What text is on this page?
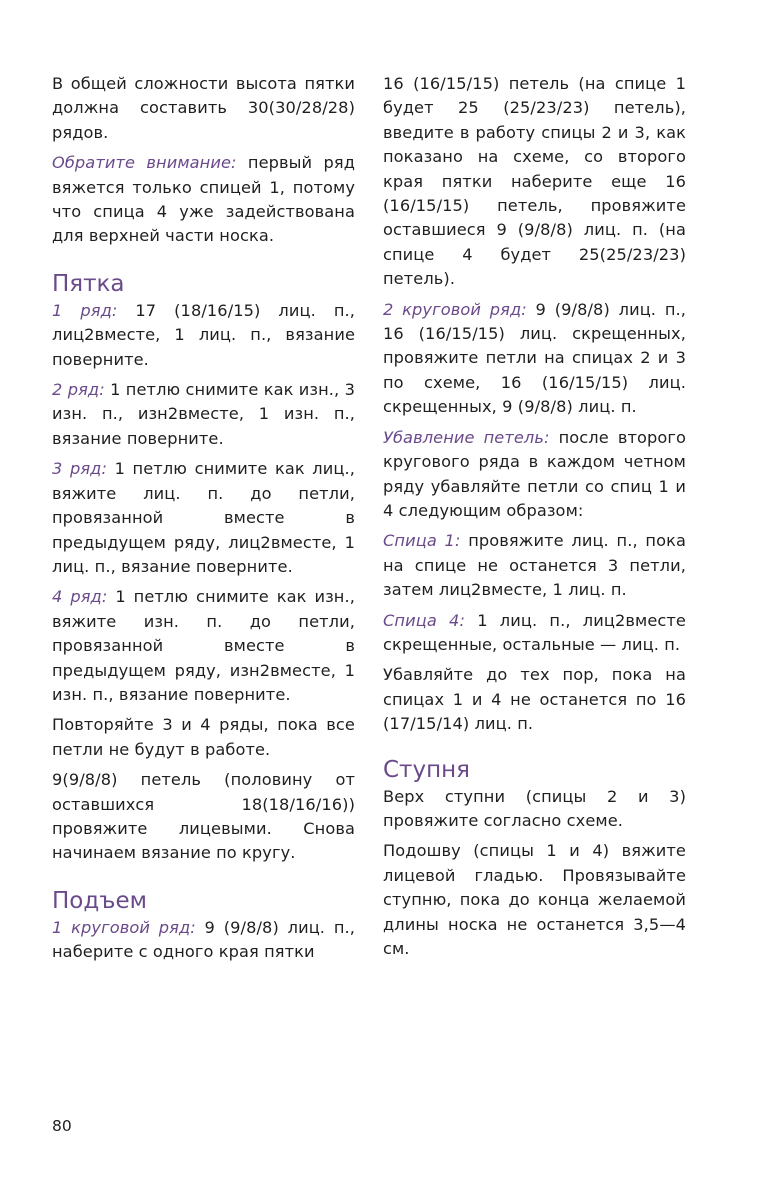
В общей сложности высота пятки должна составить 30(30/28/28) рядов.

Обратите внимание: первый ряд вяжется только спицей 1, потому что спица 4 уже задействована для верхней части носка.

Пятка

1 ряд: 17 (18/16/15) лиц. п., лиц2вместе, 1 лиц. п., вязание поверните.

2 ряд: 1 петлю снимите как изн., 3 изн. п., изн2вместе, 1 изн. п., вязание поверните.

3 ряд: 1 петлю снимите как лиц., вяжите лиц. п. до петли, провязанной вместе в предыдущем ряду, лиц2вместе, 1 лиц. п., вязание поверните.

4 ряд: 1 петлю снимите как изн., вяжите изн. п. до петли, провязанной вместе в предыдущем ряду, изн2вместе, 1 изн. п., вязание поверните.

Повторяйте 3 и 4 ряды, пока все петли не будут в работе.

9(9/8/8) петель (половину от оставшихся 18(18/16/16)) провяжите лицевыми. Снова начинаем вязание по кругу.

Подъем

1 круговой ряд: 9 (9/8/8) лиц. п., наберите с одного края пятки

16 (16/15/15) петель (на спице 1 будет 25 (25/23/23) петель), введите в работу спицы 2 и 3, как показано на схеме, со второго края пятки наберите еще 16 (16/15/15) петель, провяжите оставшиеся 9 (9/8/8) лиц. п. (на спице 4 будет 25(25/23/23) петель).

2 круговой ряд: 9 (9/8/8) лиц. п., 16 (16/15/15) лиц. скрещенных, провяжите петли на спицах 2 и 3 по схеме, 16 (16/15/15) лиц. скрещенных, 9 (9/8/8) лиц. п.

Убавление петель: после второго кругового ряда в каждом четном ряду убавляйте петли со спиц 1 и 4 следующим образом:

Спица 1: провяжите лиц. п., пока на спице не останется 3 петли, затем лиц2вместе, 1 лиц. п.

Спица 4: 1 лиц. п., лиц2вместе скрещенные, остальные — лиц. п.

Убавляйте до тех пор, пока на спицах 1 и 4 не останется по 16 (17/15/14) лиц. п.

Ступня

Верх ступни (спицы 2 и 3) провяжите согласно схеме.

Подошву (спицы 1 и 4) вяжите лицевой гладью. Провязывайте ступню, пока до конца желаемой длины носка не останется 3,5—4 см.

80
